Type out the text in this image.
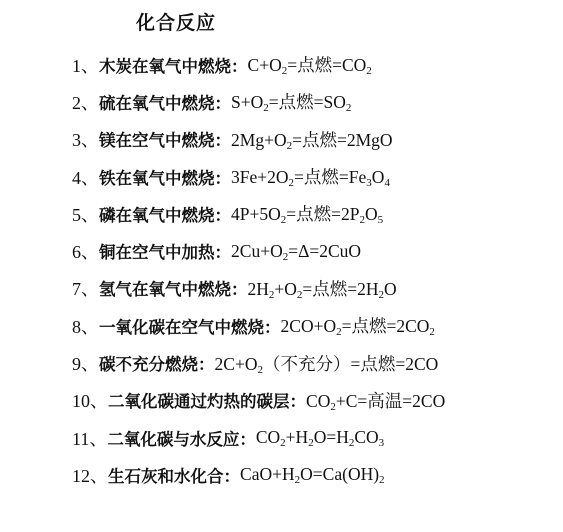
化合反应
1、 木炭在氧气中燃烧： $C+O_2=$点燃$=CO_2$
2、 硫在氧气中燃烧： $S+O_2=$点燃$=SO_2$
3、 镁在空气中燃烧： $2Mg+O_2=$点燃=2MgO
4、 铁在氧气中燃烧： $3Fe+2O_2=$点燃$=Fe_3O_4$
5、 磷在氧气中燃烧： $4P+5O_2=$点燃$=2P_2O_5$
6、 铜在空气中加热： $2Cu+O_2=\Delta=2CuO$
7、 氢气在氧气中燃烧： $2H_2+O_2=$点燃$=2H_2O$
8、 一氧化碳在空气中燃烧： $2CO+O_2=$点燃$=2CO_2$
9、 碳不充分燃烧： $2C+O_2$（不充分）=点燃=2CO
10、 二氧化碳通过灼热的碳层： $CO_2+C=$高温=2CO
11、 二氧化碳与水反应： $CO_2+H_2O=H_2CO_3$
12、 生石灰和水化合： $CaO+H_2O=Ca(OH)_2$
